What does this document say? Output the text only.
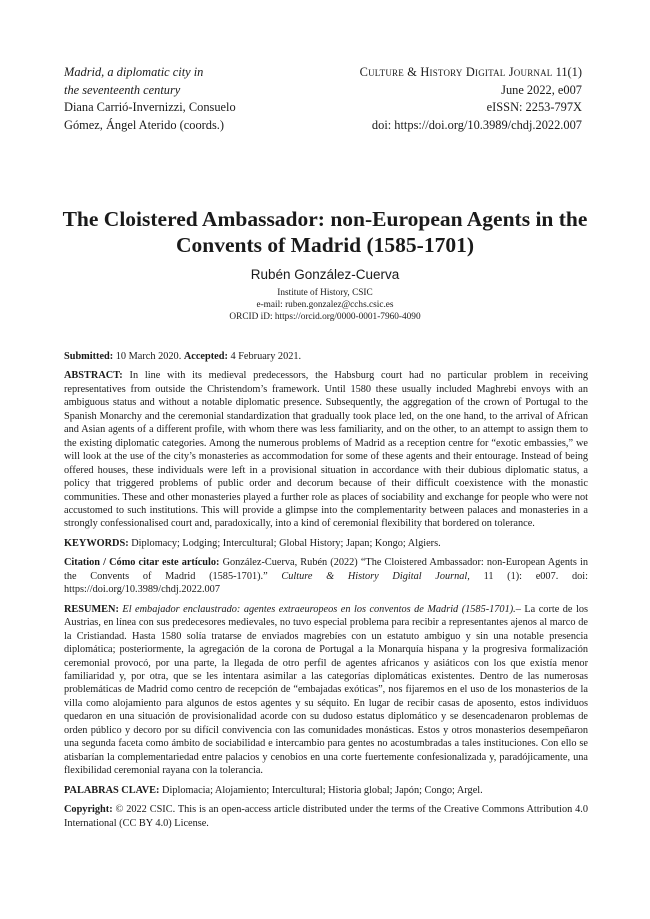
Madrid, a diplomatic city in
the seventeenth century
Diana Carrió-Invernizzi, Consuelo
Gómez, Ángel Aterido (coords.)
Culture & History Digital Journal 11(1)
June 2022, e007
eISSN: 2253-797X
doi: https://doi.org/10.3989/chdj.2022.007
The Cloistered Ambassador: non-European Agents in the
Convents of Madrid (1585-1701)
Rubén González-Cuerva
Institute of History, CSIC
e-mail: ruben.gonzalez@cchs.csic.es
ORCID iD: https://orcid.org/0000-0001-7960-4090

Submitted: 10 March 2020. Accepted: 4 February 2021.

ABSTRACT: In line with its medieval predecessors, the Habsburg court had no particular problem in receiving representatives from outside the Christendom’s framework. Until 1580 these usually included Maghrebi envoys with an ambiguous status and without a notable diplomatic presence. Subsequently, the aggregation of the crown of Portugal to the Spanish Monarchy and the ceremonial standardization that gradually took place led, on the one hand, to the arrival of African and Asian agents of a different profile, with whom there was less familiarity, and on the other, to an attempt to assign them to the existing diplomatic categories. Among the numerous problems of Madrid as a reception centre for “exotic embassies,” we will look at the use of the city’s monasteries as accommodation for some of these agents and their entourage. Instead of being offered houses, these individuals were left in a provisional situation in accordance with their dubious diplomatic status, a policy that triggered problems of public order and decorum because of their difficult coexistence with the monastic communities. These and other monasteries played a further role as places of sociability and exchange for people who were not accustomed to such institutions. This will provide a glimpse into the complementarity between palaces and monasteries in a strongly confessionalised court and, paradoxically, into a kind of ceremonial flexibility that bordered on tolerance.

KEYWORDS: Diplomacy; Lodging; Intercultural; Global History; Japan; Kongo; Algiers.

Citation / Cómo citar este artículo: González-Cuerva, Rubén (2022) “The Cloistered Ambassador: non-European Agents in the Convents of Madrid (1585-1701).” Culture & History Digital Journal, 11 (1): e007. doi: https://doi.org/10.3989/chdj.2022.007

RESUMEN: El embajador enclaustrado: agentes extraeuropeos en los conventos de Madrid (1585-1701).– La corte de los Austrias, en línea con sus predecesores medievales, no tuvo especial problema para recibir a representantes ajenos al marco de la Cristiandad. Hasta 1580 solía tratarse de enviados magrebíes con un estatuto ambiguo y sin una notable presencia diplomática; posteriormente, la agregación de la corona de Portugal a la Monarquía hispana y la progresiva formalización ceremonial provocó, por una parte, la llegada de otro perfil de agentes africanos y asiáticos con los que existía menor familiaridad y, por otra, que se les intentara asimilar a las categorías diplomáticas existentes. Dentro de las numerosas problemáticas de Madrid como centro de recepción de “embajadas exóticas”, nos fijaremos en el uso de los monasterios de la villa como alojamiento para algunos de estos agentes y su séquito. En lugar de recibir casas de aposento, estos individuos quedaron en una situación de provisionalidad acorde con su dudoso estatus diplomático y se desencadenaron problemas de orden público y decoro por su difícil convivencia con las comunidades monásticas. Estos y otros monasterios desempeñaron una segunda faceta como ámbito de sociabilidad e intercambio para gentes no acostumbradas a tales instituciones. Con ello se atisbarían la complementariedad entre palacios y cenobios en una corte fuertemente confesionalizada y, paradójicamente, una flexibilidad ceremonial rayana con la tolerancia.

PALABRAS CLAVE: Diplomacia; Alojamiento; Intercultural; Historia global; Japón; Congo; Argel.

Copyright: © 2022 CSIC. This is an open-access article distributed under the terms of the Creative Commons Attribution 4.0 International (CC BY 4.0) License.
